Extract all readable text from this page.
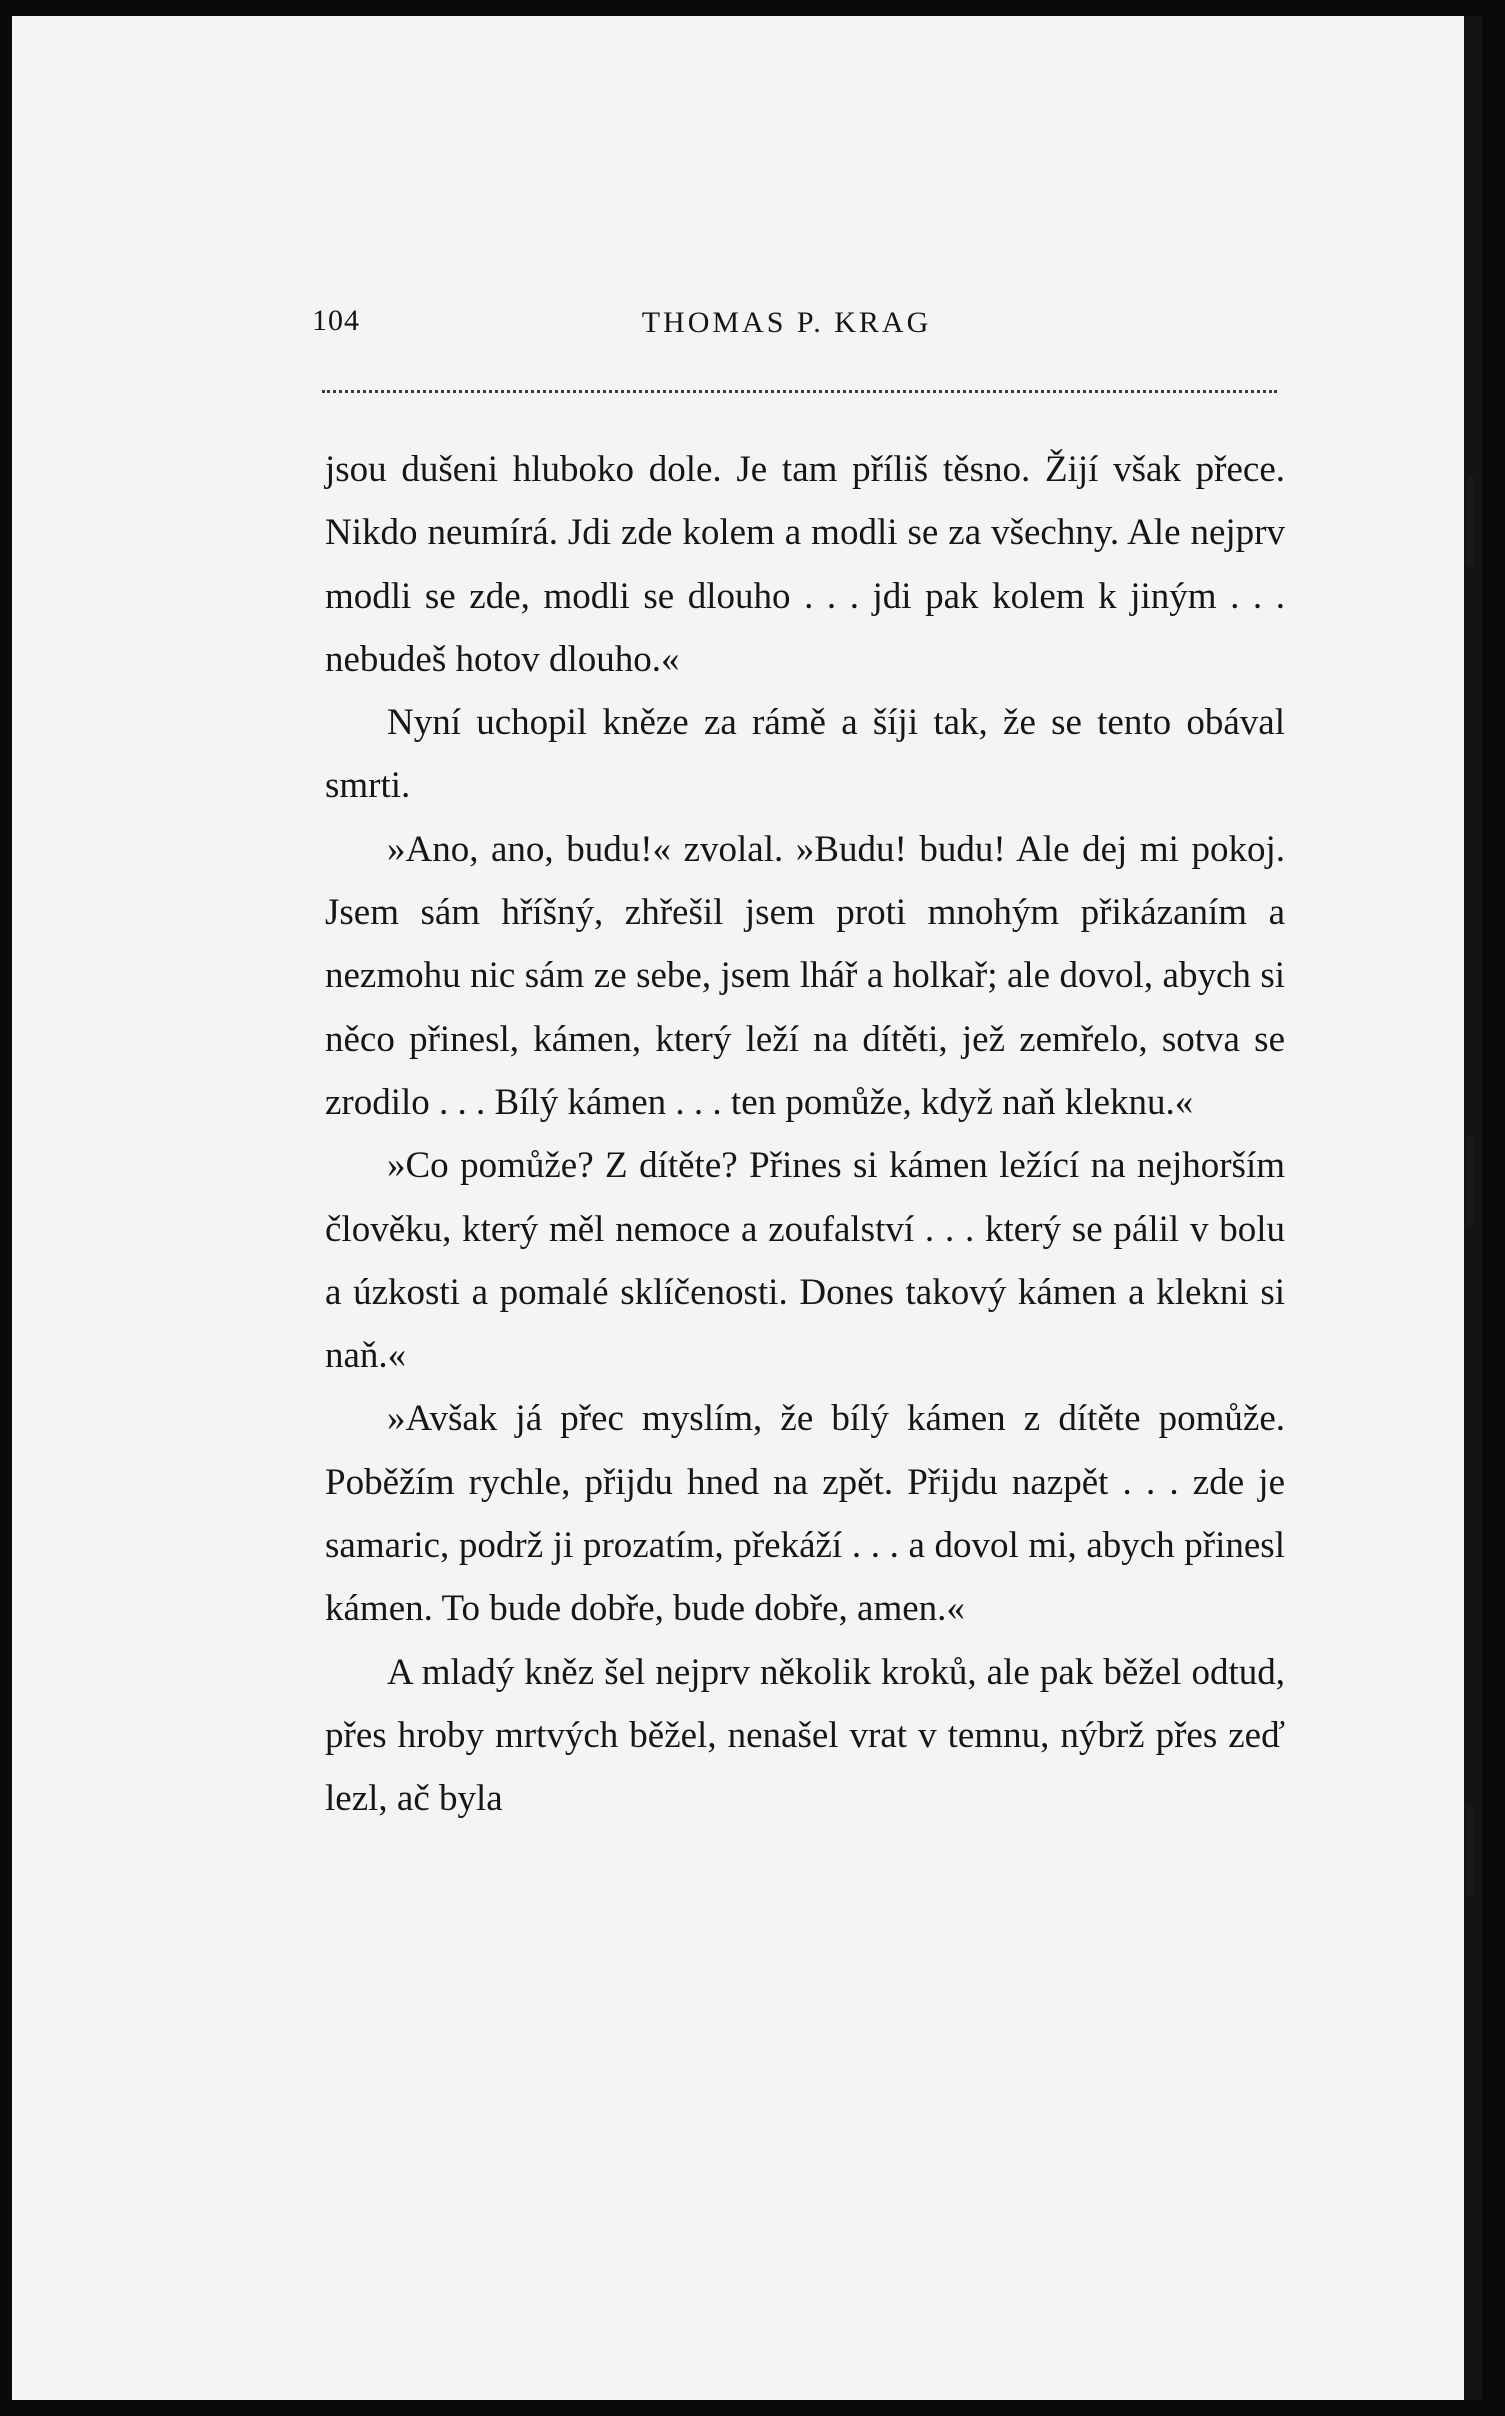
104	THOMAS P. KRAG

jsou dušeni hluboko dole. Je tam příliš těsno. Žijí však přece. Nikdo neumírá. Jdi zde kolem a modli se za všechny. Ale nejprv modli se zde, modli se dlouho . . . jdi pak kolem k jiným . . . nebudeš hotov dlouho.«

Nyní uchopil kněze za rámě a šíji tak, že se tento obával smrti.

»Ano, ano, budu!« zvolal. »Budu! budu! Ale dej mi pokoj. Jsem sám hříšný, zhřešil jsem proti mnohým přikázaním a nezmohu nic sám ze sebe, jsem lhář a holkař; ale dovol, abych si něco přinesl, kámen, který leží na dítěti, jež zemřelo, sotva se zrodilo . . . Bílý kámen . . . ten pomůže, když naň kleknu.«

»Co pomůže? Z dítěte? Přines si kámen ležící na nejhorším člověku, který měl nemoce a zoufalství . . . který se pálil v bolu a úzkosti a pomalé sklíčenosti. Dones takový kámen a klekni si naň.«

»Avšak já přec myslím, že bílý kámen z dítěte pomůže. Poběžím rychle, přijdu hned na zpět. Přijdu nazpět . . . zde je samaric, podrž ji prozatím, překáží . . . a dovol mi, abych přinesl kámen. To bude dobře, bude dobře, amen.«

A mladý kněz šel nejprv několik kroků, ale pak běžel odtud, přes hroby mrtvých běžel, nenašel vrat v temnu, nýbrž přes zeď lezl, ač byla
